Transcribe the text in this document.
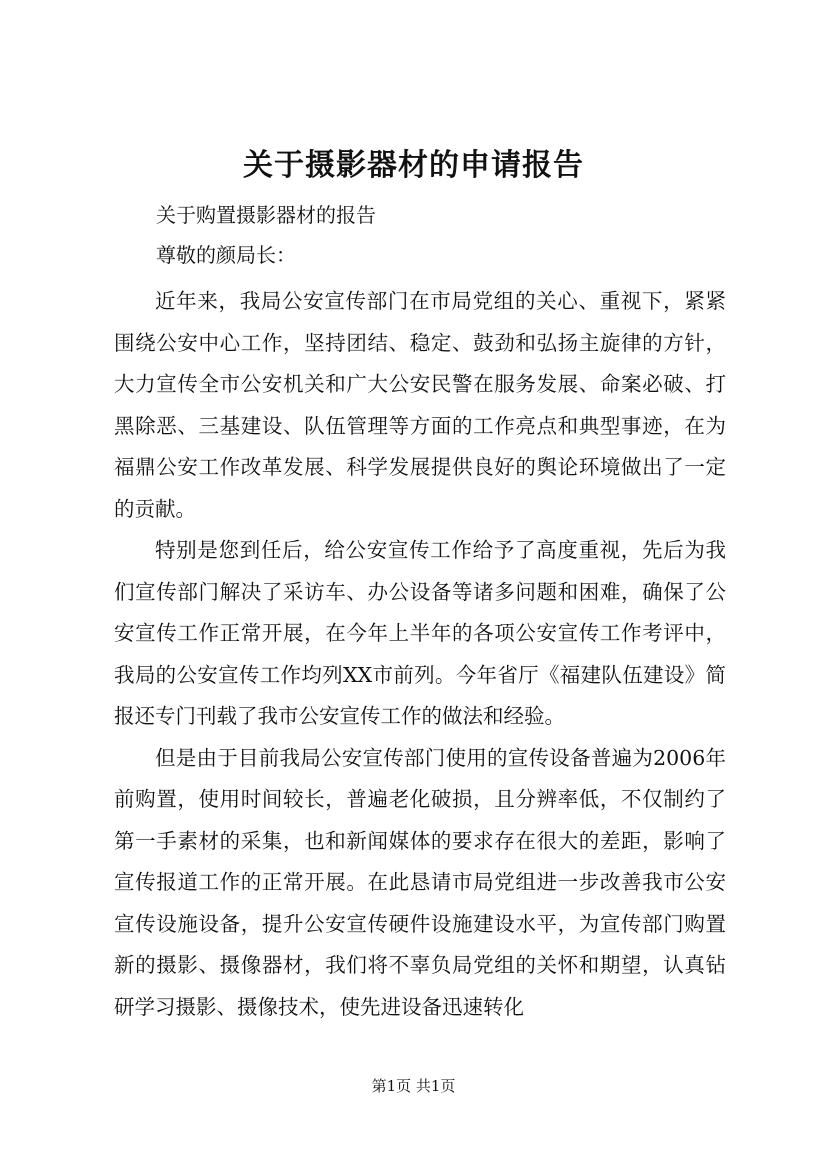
关于摄影器材的申请报告
关于购置摄影器材的报告
尊敬的颜局长：

近年来，我局公安宣传部门在市局党组的关心、重视下，紧紧围绕公安中心工作，坚持团结、稳定、鼓劲和弘扬主旋律的方针，大力宣传全市公安机关和广大公安民警在服务发展、命案必破、打黑除恶、三基建设、队伍管理等方面的工作亮点和典型事迹，在为福鼎公安工作改革发展、科学发展提供良好的舆论环境做出了一定的贡献。

特别是您到任后，给公安宣传工作给予了高度重视，先后为我们宣传部门解决了采访车、办公设备等诸多问题和困难，确保了公安宣传工作正常开展，在今年上半年的各项公安宣传工作考评中，我局的公安宣传工作均列XX市前列。今年省厅《福建队伍建设》简报还专门刊载了我市公安宣传工作的做法和经验。

但是由于目前我局公安宣传部门使用的宣传设备普遍为2006年前购置，使用时间较长，普遍老化破损，且分辨率低，不仅制约了第一手素材的采集，也和新闻媒体的要求存在很大的差距，影响了宣传报道工作的正常开展。在此恳请市局党组进一步改善我市公安宣传设施设备，提升公安宣传硬件设施建设水平，为宣传部门购置新的摄影、摄像器材，我们将不辜负局党组的关怀和期望，认真钻研学习摄影、摄像技术，使先进设备迅速转化

第1页 共1页
